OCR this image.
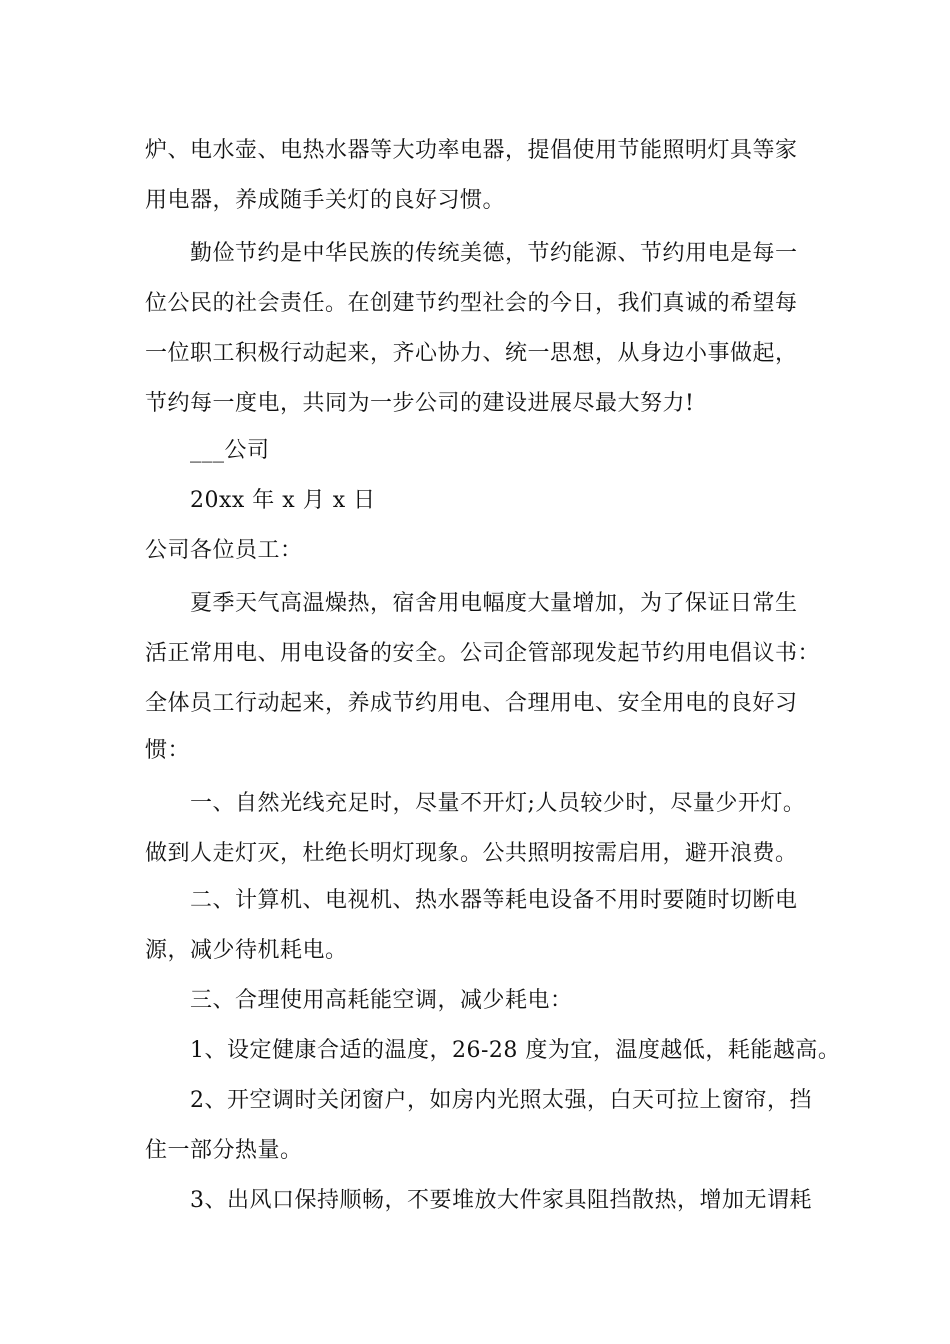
炉、电水壶、电热水器等大功率电器，提倡使用节能照明灯具等家
用电器，养成随手关灯的良好习惯。
勤俭节约是中华民族的传统美德，节约能源、节约用电是每一
位公民的社会责任。在创建节约型社会的今日，我们真诚的希望每
一位职工积极行动起来，齐心协力、统一思想，从身边小事做起，
节约每一度电，共同为一步公司的建设进展尽最大努力!
___公司
20xx 年 x 月 x 日
公司各位员工：
夏季天气高温燥热，宿舍用电幅度大量增加，为了保证日常生
活正常用电、用电设备的安全。公司企管部现发起节约用电倡议书：
全体员工行动起来，养成节约用电、合理用电、安全用电的良好习
惯：
一、自然光线充足时，尽量不开灯;人员较少时，尽量少开灯。
做到人走灯灭，杜绝长明灯现象。公共照明按需启用，避开浪费。
二、计算机、电视机、热水器等耗电设备不用时要随时切断电
源，减少待机耗电。
三、合理使用高耗能空调，减少耗电：
1、设定健康合适的温度，26-28 度为宜，温度越低，耗能越高。
2、开空调时关闭窗户，如房内光照太强，白天可拉上窗帘，挡
住一部分热量。
3、出风口保持顺畅，不要堆放大件家具阻挡散热，增加无谓耗
